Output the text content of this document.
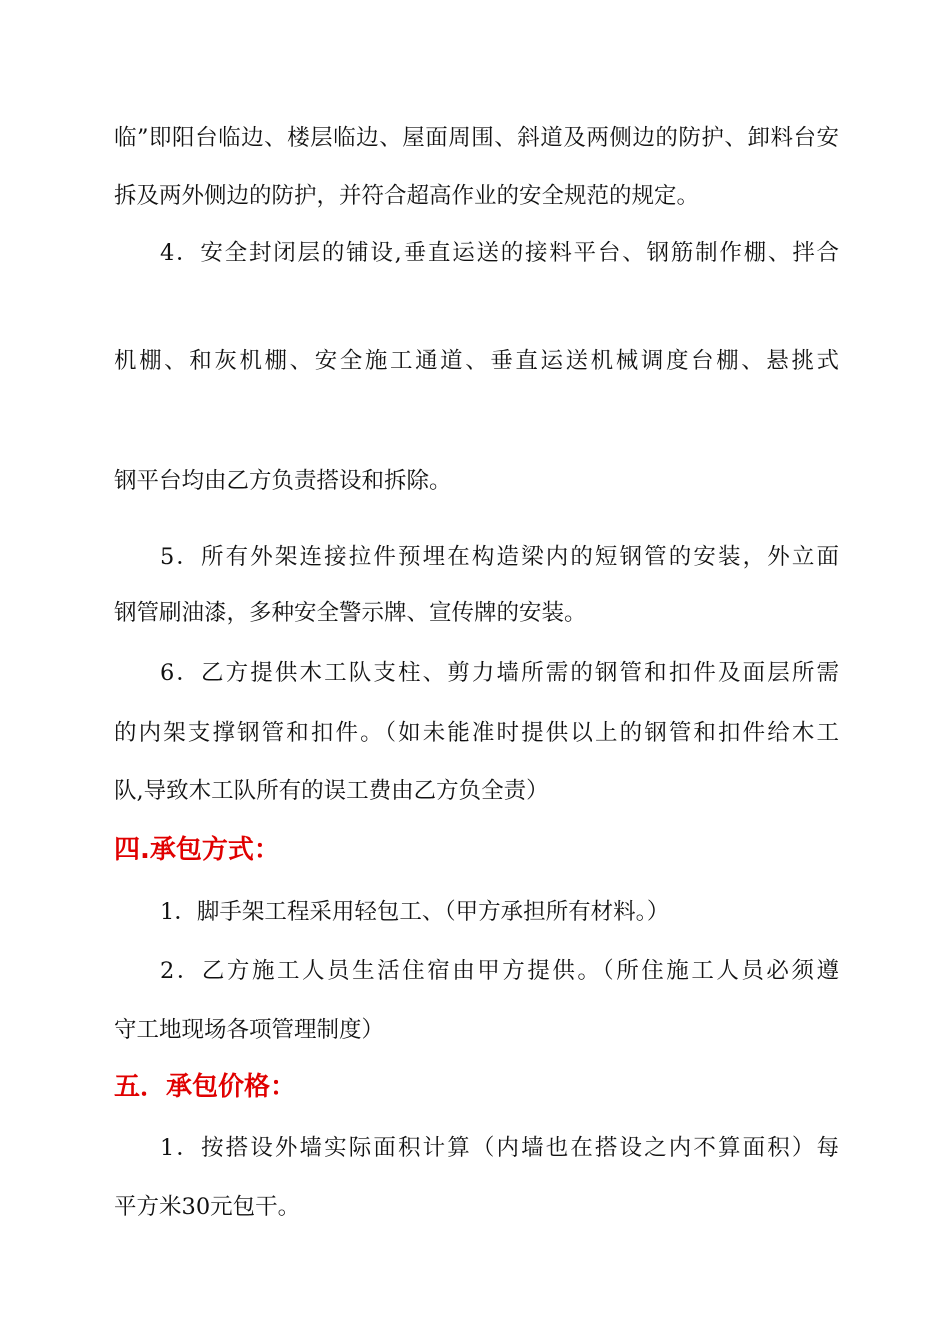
临”即阳台临边、楼层临边、屋面周围、斜道及两侧边的防护、卸料台安
拆及两外侧边的防护，并符合超高作业的安全规范的规定。
4．安全封闭层的铺设,垂直运送的接料平台、钢筋制作棚、拌合
机棚、和灰机棚、安全施工通道、垂直运送机械调度台棚、悬挑式
钢平台均由乙方负责搭设和拆除。
5．所有外架连接拉件预埋在构造梁内的短钢管的安装，外立面
钢管刷油漆，多种安全警示牌、宣传牌的安装。
6．乙方提供木工队支柱、剪力墙所需的钢管和扣件及面层所需
的内架支撑钢管和扣件。（如未能准时提供以上的钢管和扣件给木工
队,导致木工队所有的误工费由乙方负全责）
四.承包方式：
1．脚手架工程采用轻包工、（甲方承担所有材料。）
2．乙方施工人员生活住宿由甲方提供。（所住施工人员必须遵
守工地现场各项管理制度）
五．承包价格：
1．按搭设外墙实际面积计算（内墙也在搭设之内不算面积）每
平方米30元包干。
